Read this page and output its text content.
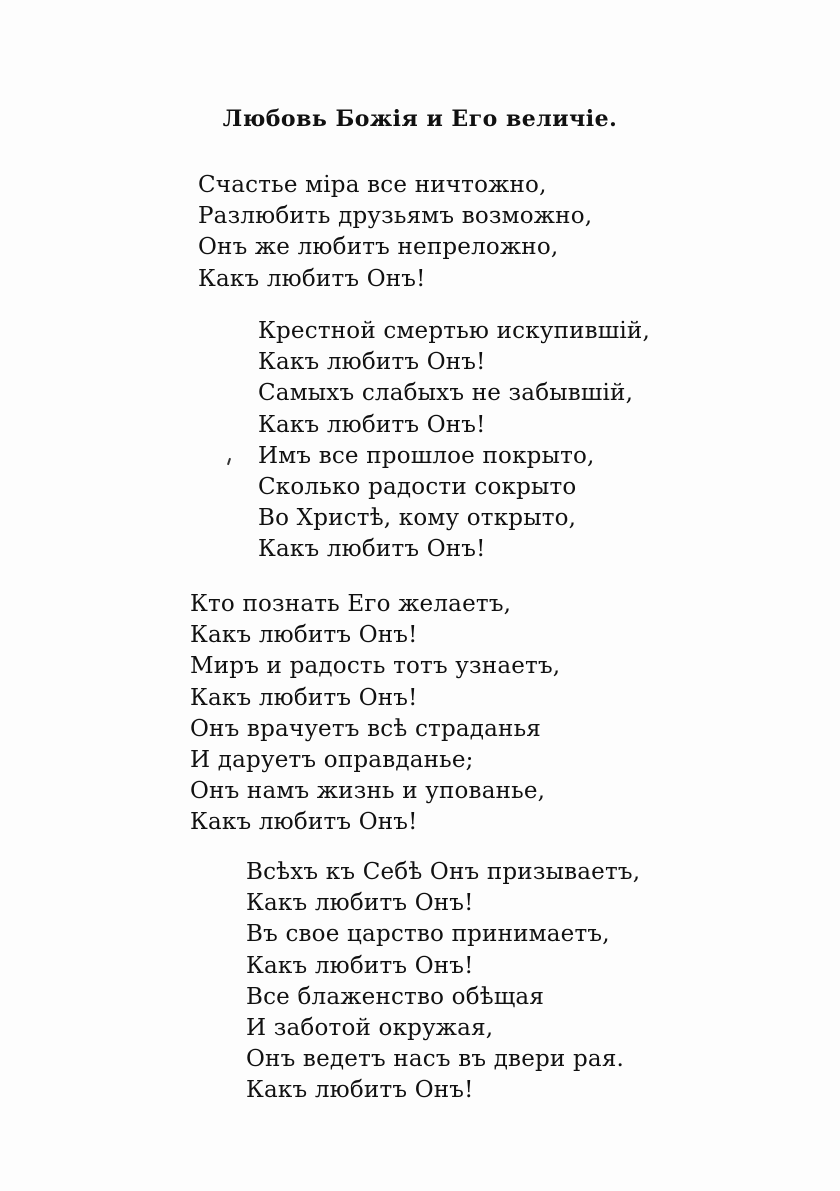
Любовь Божія и Его величіе.
Счастье міра все ничтожно,
Разлюбить друзьямъ возможно,
Онъ же любитъ непреложно,
Какъ любитъ Онъ!
Крестной смертью искупившій,
Какъ любитъ Онъ!
Самыхъ слабыхъ не забывшій,
Какъ любитъ Онъ!
Имъ все прошлое покрыто,
Сколько радости сокрыто
Во Христѣ, кому открыто,
Какъ любитъ Онъ!
Кто познать Его желаетъ,
Какъ любитъ Онъ!
Миръ и радость тотъ узнаетъ,
Какъ любитъ Онъ!
Онъ врачуетъ всѣ страданья
И даруетъ оправданье;
Онъ намъ жизнь и упованье,
Какъ любитъ Онъ!
Всѣхъ къ Себѣ Онъ призываетъ,
Какъ любитъ Онъ!
Въ свое царство принимаетъ,
Какъ любитъ Онъ!
Все блаженство обѣщая
И заботой окружая,
Онъ ведетъ насъ въ двери рая.
Какъ любитъ Онъ!
